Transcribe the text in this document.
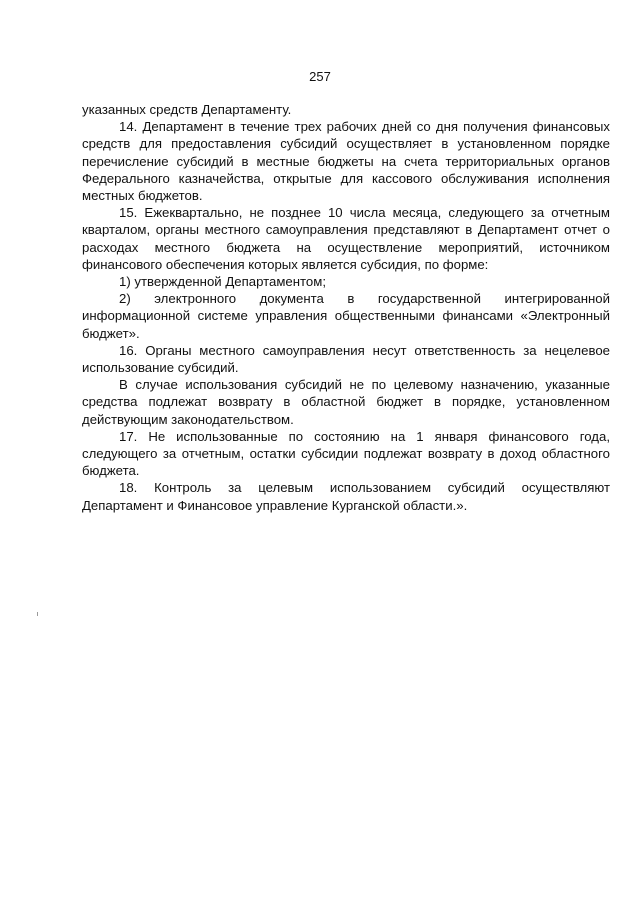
257

указанных средств Департаменту.

14. Департамент в течение трех рабочих дней со дня получения финансовых средств для предоставления субсидий осуществляет в установленном порядке перечисление субсидий в местные бюджеты на счета территориальных органов Федерального казначейства, открытые для кассового обслуживания исполнения местных бюджетов.

15. Ежеквартально, не позднее 10 числа месяца, следующего за отчетным кварталом, органы местного самоуправления представляют в Департамент отчет о расходах местного бюджета на осуществление мероприятий, источником финансового обеспечения которых является субсидия, по форме:

1) утвержденной Департаментом;

2) электронного документа в государственной интегрированной информационной системе управления общественными финансами «Электронный бюджет».

16. Органы местного самоуправления несут ответственность за нецелевое использование субсидий.

В случае использования субсидий не по целевому назначению, указанные средства подлежат возврату в областной бюджет в порядке, установленном действующим законодательством.

17. Не использованные по состоянию на 1 января финансового года, следующего за отчетным, остатки субсидии подлежат возврату в доход областного бюджета.

18. Контроль за целевым использованием субсидий осуществляют Департамент и Финансовое управление Курганской области.».
